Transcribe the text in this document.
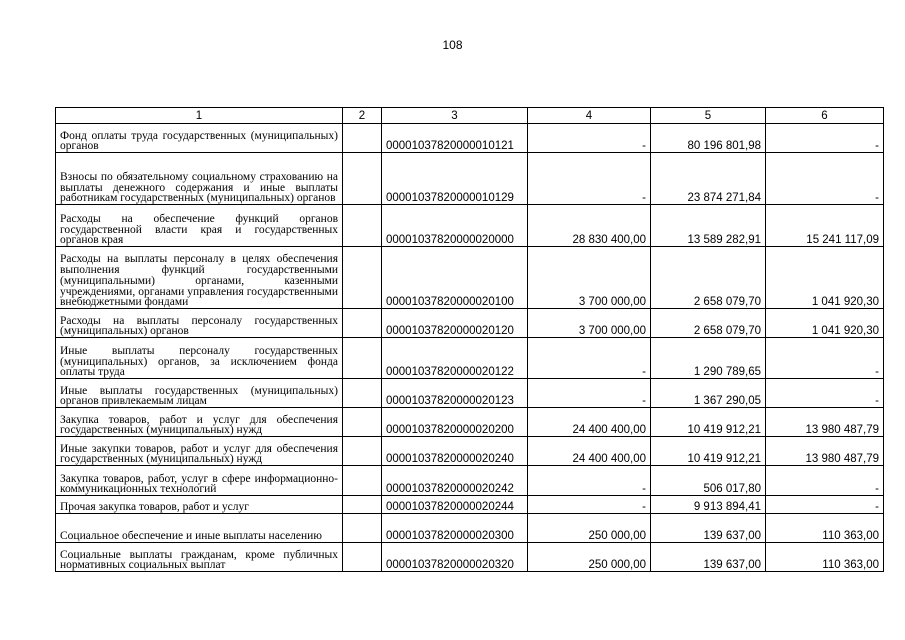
108
1	2	3	4	5	6
Фонд оплаты труда государственных (муниципальных) органов		00001037820000010121	-	80 196 801,98	-
Взносы по обязательному социальному страхованию на выплаты денежного содержания и иные выплаты работникам государственных (муниципальных) органов		00001037820000010129	-	23 874 271,84	-
Расходы на обеспечение функций органов государственной власти края и государственных органов края		00001037820000020000	28 830 400,00	13 589 282,91	15 241 117,09
Расходы на выплаты персоналу в целях обеспечения выполнения функций государственными (муниципальными) органами, казенными учреждениями, органами управления государственными внебюджетными фондами		00001037820000020100	3 700 000,00	2 658 079,70	1 041 920,30
Расходы на выплаты персоналу государственных (муниципальных) органов		00001037820000020120	3 700 000,00	2 658 079,70	1 041 920,30
Иные выплаты персоналу государственных (муниципальных) органов, за исключением фонда оплаты труда		00001037820000020122	-	1 290 789,65	-
Иные выплаты государственных (муниципальных) органов привлекаемым лицам		00001037820000020123	-	1 367 290,05	-
Закупка товаров, работ и услуг для обеспечения государственных (муниципальных) нужд		00001037820000020200	24 400 400,00	10 419 912,21	13 980 487,79
Иные закупки товаров, работ и услуг для обеспечения государственных (муниципальных) нужд		00001037820000020240	24 400 400,00	10 419 912,21	13 980 487,79
Закупка товаров, работ, услуг в сфере информационно-коммуникационных технологий		00001037820000020242	-	506 017,80	-
Прочая закупка товаров, работ и услуг		00001037820000020244	-	9 913 894,41	-
Социальное обеспечение и иные выплаты населению		00001037820000020300	250 000,00	139 637,00	110 363,00
Социальные выплаты гражданам, кроме публичных нормативных социальных выплат		00001037820000020320	250 000,00	139 637,00	110 363,00
